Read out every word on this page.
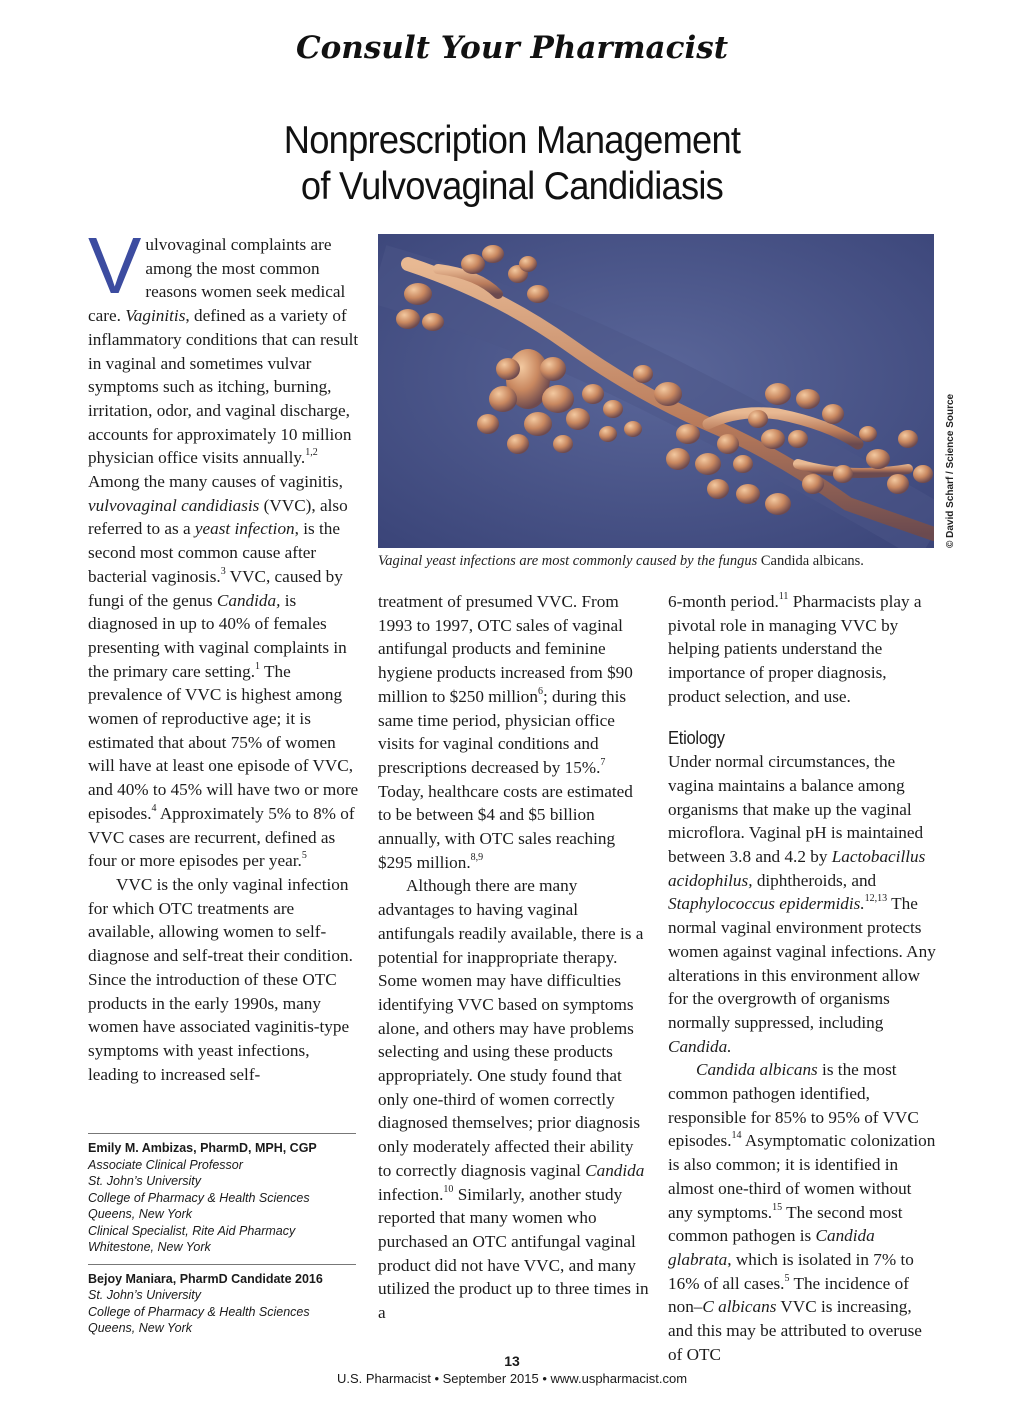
Consult Your Pharmacist
Nonprescription Management
of Vulvovaginal Candidiasis

Vulvovaginal complaints are among the most common reasons women seek medical care. Vaginitis, defined as a variety of inflammatory conditions that can result in vaginal and sometimes vulvar symptoms such as itching, burning, irritation, odor, and vaginal discharge, accounts for approximately 10 million physician office visits annually.$^{1,2}$ Among the many causes of vaginitis, vulvovaginal candidiasis (VVC), also referred to as a yeast infection, is the second most common cause after bacterial vaginosis.$^3$ VVC, caused by fungi of the genus Candida, is diagnosed in up to 40% of females presenting with vaginal complaints in the primary care setting.$^1$ The prevalence of VVC is highest among women of reproductive age; it is estimated that about 75% of women will have at least one episode of VVC, and 40% to 45% will have two or more episodes.$^4$ Approximately 5% to 8% of VVC cases are recurrent, defined as four or more episodes per year.$^5$

VVC is the only vaginal infection for which OTC treatments are available, allowing women to self-diagnose and self-treat their condition. Since the introduction of these OTC products in the early 1990s, many women have associated vaginitis-type symptoms with yeast infections, leading to increased self-

© David Scharf / Science Source
Vaginal yeast infections are most commonly caused by the fungus Candida albicans.

treatment of presumed VVC. From 1993 to 1997, OTC sales of vaginal antifungal products and feminine hygiene products increased from $90 million to $250 million$^6$; during this same time period, physician office visits for vaginal conditions and prescriptions decreased by 15%.$^7$ Today, healthcare costs are estimated to be between $4 and $5 billion annually, with OTC sales reaching $295 million.$^{8,9}$

Although there are many advantages to having vaginal antifungals readily available, there is a potential for inappropriate therapy. Some women may have difficulties identifying VVC based on symptoms alone, and others may have problems selecting and using these products appropriately. One study found that only one-third of women correctly diagnosed themselves; prior diagnosis only moderately affected their ability to correctly diagnosis vaginal Candida infection.$^{10}$ Similarly, another study reported that many women who purchased an OTC antifungal vaginal product did not have VVC, and many utilized the product up to three times in a

6-month period.$^{11}$ Pharmacists play a pivotal role in managing VVC by helping patients understand the importance of proper diagnosis, product selection, and use.

Etiology

Under normal circumstances, the vagina maintains a balance among organisms that make up the vaginal microflora. Vaginal pH is maintained between 3.8 and 4.2 by Lactobacillus acidophilus, diphtheroids, and Staphylococcus epidermidis.$^{12,13}$ The normal vaginal environment protects women against vaginal infections. Any alterations in this environment allow for the overgrowth of organisms normally suppressed, including Candida.

Candida albicans is the most common pathogen identified, responsible for 85% to 95% of VVC episodes.$^{14}$ Asymptomatic colonization is also common; it is identified in almost one-third of women without any symptoms.$^{15}$ The second most common pathogen is Candida glabrata, which is isolated in 7% to 16% of all cases.$^5$ The incidence of non–C albicans VVC is increasing, and this may be attributed to overuse of OTC

Emily M. Ambizas, PharmD, MPH, CGP
Associate Clinical Professor
St. John’s University
College of Pharmacy & Health Sciences
Queens, New York
Clinical Specialist, Rite Aid Pharmacy
Whitestone, New York
Bejoy Maniara, PharmD Candidate 2016
St. John’s University
College of Pharmacy & Health Sciences
Queens, New York
13
U.S. Pharmacist • September 2015 • www.uspharmacist.com
